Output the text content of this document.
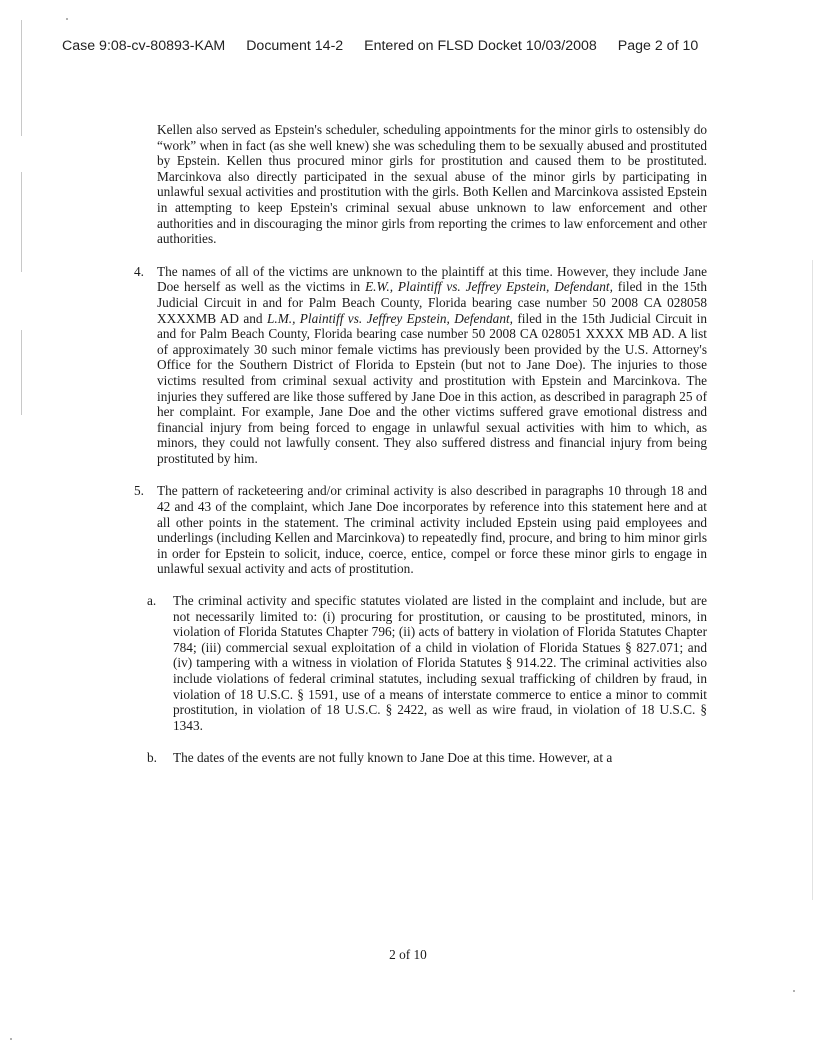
Case 9:08-cv-80893-KAM Document 14-2 Entered on FLSD Docket 10/03/2008 Page 2 of 10

Kellen also served as Epstein's scheduler, scheduling appointments for the minor girls to ostensibly do “work” when in fact (as she well knew) she was scheduling them to be sexually abused and prostituted by Epstein. Kellen thus procured minor girls for prostitution and caused them to be prostituted. Marcinkova also directly participated in the sexual abuse of the minor girls by participating in unlawful sexual activities and prostitution with the girls. Both Kellen and Marcinkova assisted Epstein in attempting to keep Epstein's criminal sexual abuse unknown to law enforcement and other authorities and in discouraging the minor girls from reporting the crimes to law enforcement and other authorities.

4. The names of all of the victims are unknown to the plaintiff at this time. However, they include Jane Doe herself as well as the victims in E.W., Plaintiff vs. Jeffrey Epstein, Defendant, filed in the 15th Judicial Circuit in and for Palm Beach County, Florida bearing case number 50 2008 CA 028058 XXXXMB AD and L.M., Plaintiff vs. Jeffrey Epstein, Defendant, filed in the 15th Judicial Circuit in and for Palm Beach County, Florida bearing case number 50 2008 CA 028051 XXXX MB AD. A list of approximately 30 such minor female victims has previously been provided by the U.S. Attorney's Office for the Southern District of Florida to Epstein (but not to Jane Doe). The injuries to those victims resulted from criminal sexual activity and prostitution with Epstein and Marcinkova. The injuries they suffered are like those suffered by Jane Doe in this action, as described in paragraph 25 of her complaint. For example, Jane Doe and the other victims suffered grave emotional distress and financial injury from being forced to engage in unlawful sexual activities with him to which, as minors, they could not lawfully consent. They also suffered distress and financial injury from being prostituted by him.

5. The pattern of racketeering and/or criminal activity is also described in paragraphs 10 through 18 and 42 and 43 of the complaint, which Jane Doe incorporates by reference into this statement here and at all other points in the statement. The criminal activity included Epstein using paid employees and underlings (including Kellen and Marcinkova) to repeatedly find, procure, and bring to him minor girls in order for Epstein to solicit, induce, coerce, entice, compel or force these minor girls to engage in unlawful sexual activity and acts of prostitution.

a.	The criminal activity and specific statutes violated are listed in the complaint and include, but are not necessarily limited to: (i) procuring for prostitution, or causing to be prostituted, minors, in violation of Florida Statutes Chapter 796; (ii) acts of battery in violation of Florida Statutes Chapter 784; (iii) commercial sexual exploitation of a child in violation of Florida Statues § 827.071; and (iv) tampering with a witness in violation of Florida Statutes § 914.22. The criminal activities also include violations of federal criminal statutes, including sexual trafficking of children by fraud, in violation of 18 U.S.C. § 1591, use of a means of interstate commerce to entice a minor to commit prostitution, in violation of 18 U.S.C. § 2422, as well as wire fraud, in violation of 18 U.S.C. § 1343.

b.	The dates of the events are not fully known to Jane Doe at this time. However, at a

2 of 10
